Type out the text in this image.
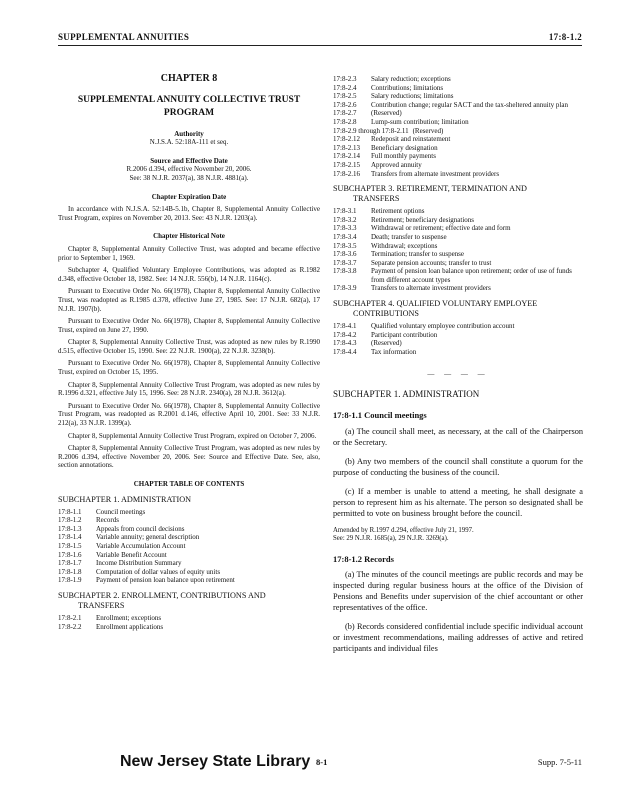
SUPPLEMENTAL ANNUITIES	17:8-1.2
CHAPTER 8
SUPPLEMENTAL ANNUITY COLLECTIVE TRUST
PROGRAM
Authority
N.J.S.A. 52:18A-111 et seq.
Source and Effective Date
R.2006 d.394, effective November 20, 2006.
See: 38 N.J.R. 2037(a), 38 N.J.R. 4881(a).
Chapter Expiration Date

In accordance with N.J.S.A. 52:14B-5.1b, Chapter 8, Supplemental Annuity Collective Trust Program, expires on November 20, 2013. See: 43 N.J.R. 1203(a).

Chapter Historical Note

Chapter 8, Supplemental Annuity Collective Trust, was adopted and became effective prior to September 1, 1969.

Subchapter 4, Qualified Voluntary Employee Contributions, was adopted as R.1982 d.348, effective October 18, 1982. See: 14 N.J.R. 556(b), 14 N.J.R. 1164(c).

Pursuant to Executive Order No. 66(1978), Chapter 8, Supplemental Annuity Collective Trust, was readopted as R.1985 d.378, effective June 27, 1985. See: 17 N.J.R. 682(a), 17 N.J.R. 1907(b).

Pursuant to Executive Order No. 66(1978), Chapter 8, Supplemental Annuity Collective Trust, expired on June 27, 1990.

Chapter 8, Supplemental Annuity Collective Trust, was adopted as new rules by R.1990 d.515, effective October 15, 1990. See: 22 N.J.R. 1900(a), 22 N.J.R. 3238(b).

Pursuant to Executive Order No. 66(1978), Chapter 8, Supplemental Annuity Collective Trust, expired on October 15, 1995.

Chapter 8, Supplemental Annuity Collective Trust Program, was adopted as new rules by R.1996 d.321, effective July 15, 1996. See: 28 N.J.R. 2340(a), 28 N.J.R. 3612(a).

Pursuant to Executive Order No. 66(1978), Chapter 8, Supplemental Annuity Collective Trust Program, was readopted as R.2001 d.146, effective April 10, 2001. See: 33 N.J.R. 212(a), 33 N.J.R. 1399(a).

Chapter 8, Supplemental Annuity Collective Trust Program, expired on October 7, 2006.

Chapter 8, Supplemental Annuity Collective Trust Program, was adopted as new rules by R.2006 d.394, effective November 20, 2006. See: Source and Effective Date. See, also, section annotations.

CHAPTER TABLE OF CONTENTS
SUBCHAPTER 1. ADMINISTRATION
17:8-1.1	Council meetings
17:8-1.2	Records
17:8-1.3	Appeals from council decisions
17:8-1.4	Variable annuity; general description
17:8-1.5	Variable Accumulation Account
17:8-1.6	Variable Benefit Account
17:8-1.7	Income Distribution Summary
17:8-1.8	Computation of dollar values of equity units
17:8-1.9	Payment of pension loan balance upon retirement
SUBCHAPTER 2. ENROLLMENT, CONTRIBUTIONS AND
TRANSFERS
17:8-2.1	Enrollment; exceptions
17:8-2.2	Enrollment applications
17:8-2.3	Salary reduction; exceptions
17:8-2.4	Contributions; limitations
17:8-2.5	Salary reductions; limitations
17:8-2.6	Contribution change; regular SACT and the tax-sheltered annuity plan
17:8-2.7	(Reserved)
17:8-2.8	Lump-sum contribution; limitation
17:8-2.9 through 17:8-2.11 (Reserved)
17:8-2.12	Redeposit and reinstatement
17:8-2.13	Beneficiary designation
17:8-2.14	Full monthly payments
17:8-2.15	Approved annuity
17:8-2.16	Transfers from alternate investment providers
SUBCHAPTER 3. RETIREMENT, TERMINATION AND
TRANSFERS
17:8-3.1	Retirement options
17:8-3.2	Retirement; beneficiary designations
17:8-3.3	Withdrawal or retirement; effective date and form
17:8-3.4	Death; transfer to suspense
17:8-3.5	Withdrawal; exceptions
17:8-3.6	Termination; transfer to suspense
17:8-3.7	Separate pension accounts; transfer to trust
17:8-3.8	Payment of pension loan balance upon retirement; order of use of funds from different account types
17:8-3.9	Transfers to alternate investment providers
SUBCHAPTER 4. QUALIFIED VOLUNTARY EMPLOYEE
CONTRIBUTIONS
17:8-4.1	Qualified voluntary employee contribution account
17:8-4.2	Participant contribution
17:8-4.3	(Reserved)
17:8-4.4	Tax information
— — — —
SUBCHAPTER 1. ADMINISTRATION
17:8-1.1 Council meetings

(a) The council shall meet, as necessary, at the call of the Chairperson or the Secretary.

(b) Any two members of the council shall constitute a quorum for the purpose of conducting the business of the council.

(c) If a member is unable to attend a meeting, he shall designate a person to represent him as his alternate. The person so designated shall be permitted to vote on business brought before the council.

Amended by R.1997 d.294, effective July 21, 1997.
See: 29 N.J.R. 1685(a), 29 N.J.R. 3269(a).
17:8-1.2 Records

(a) The minutes of the council meetings are public records and may be inspected during regular business hours at the office of the Division of Pensions and Benefits under supervision of the chief accountant or other representatives of the office.

(b) Records considered confidential include specific individual account or investment recommendations, mailing addresses of active and retired participants and individual files

New Jersey State Library 8-1	Supp. 7-5-11
